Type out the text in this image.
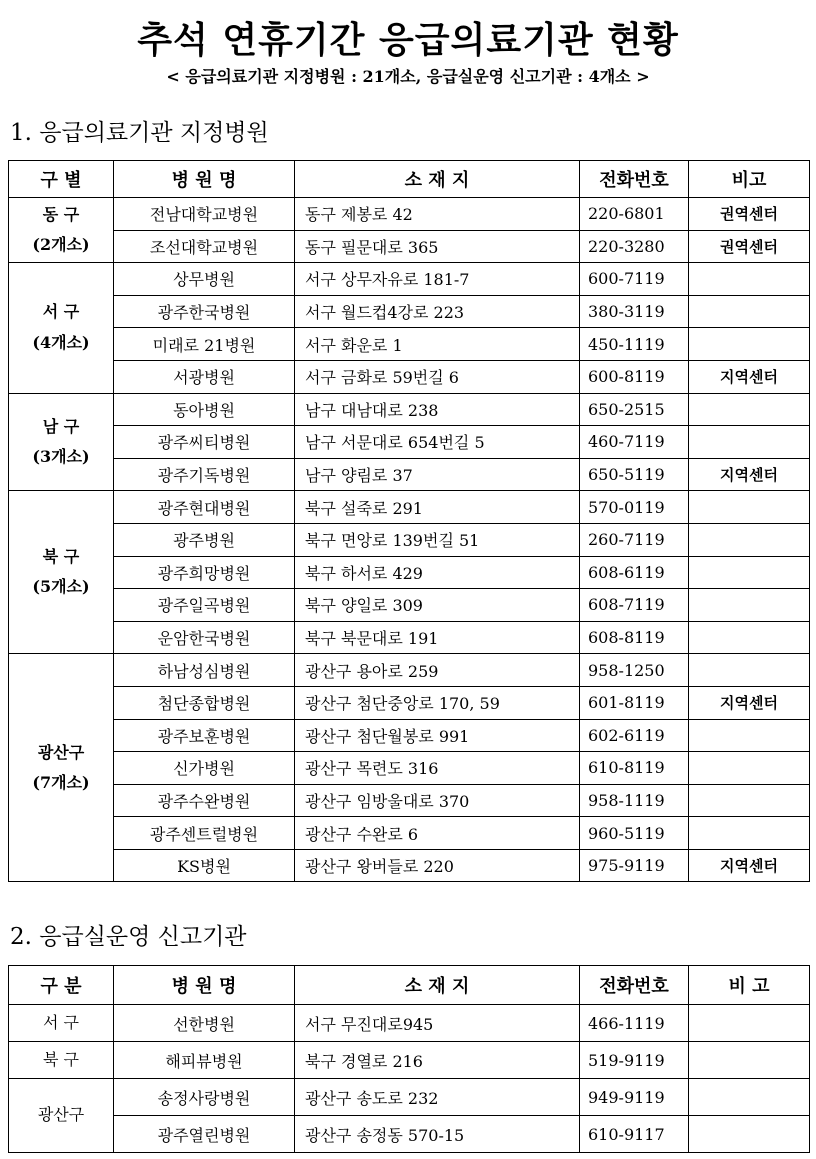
추석 연휴기간 응급의료기관 현황
< 응급의료기관 지정병원 : 21개소, 응급실운영 신고기관 : 4개소 >
1. 응급의료기관 지정병원
구 별	병 원 명	소 재 지	전화번호	비고

동 구
(2개소)	전남대학교병원	동구 제봉로 42	220-6801	권역센터
	조선대학교병원	동구 필문대로 365	220-3280	권역센터

서 구
(4개소)	상무병원	서구 상무자유로 181-7	600-7119	
	광주한국병원	서구 월드컵4강로 223	380-3119	
	미래로 21병원	서구 화운로 1	450-1119	
	서광병원	서구 금화로 59번길 6	600-8119	지역센터

남 구
(3개소)	동아병원	남구 대남대로 238	650-2515	
	광주씨티병원	남구 서문대로 654번길 5	460-7119	
	광주기독병원	남구 양림로 37	650-5119	지역센터

북 구
(5개소)	광주현대병원	북구 설죽로 291	570-0119	
	광주병원	북구 면앙로 139번길 51	260-7119	
	광주희망병원	북구 하서로 429	608-6119	
	광주일곡병원	북구 양일로 309	608-7119	
	운암한국병원	북구 북문대로 191	608-8119	

광산구
(7개소)	하남성심병원	광산구 용아로 259	958-1250	
	첨단종합병원	광산구 첨단중앙로 170, 59	601-8119	지역센터
	광주보훈병원	광산구 첨단월봉로 991	602-6119	
	신가병원	광산구 목련도 316	610-8119	
	광주수완병원	광산구 임방울대로 370	958-1119	
	광주센트럴병원	광산구 수완로 6	960-5119	
	KS병원	광산구 왕버들로 220	975-9119	지역센터
2. 응급실운영 신고기관
구 분	병 원 명	소 재 지	전화번호	비 고

서 구	선한병원	서구 무진대로945	466-1119	

북 구	해피뷰병원	북구 경열로 216	519-9119	

광산구	송정사랑병원	광산구 송도로 232	949-9119	
	광주열린병원	광산구 송정동 570-15	610-9117	
